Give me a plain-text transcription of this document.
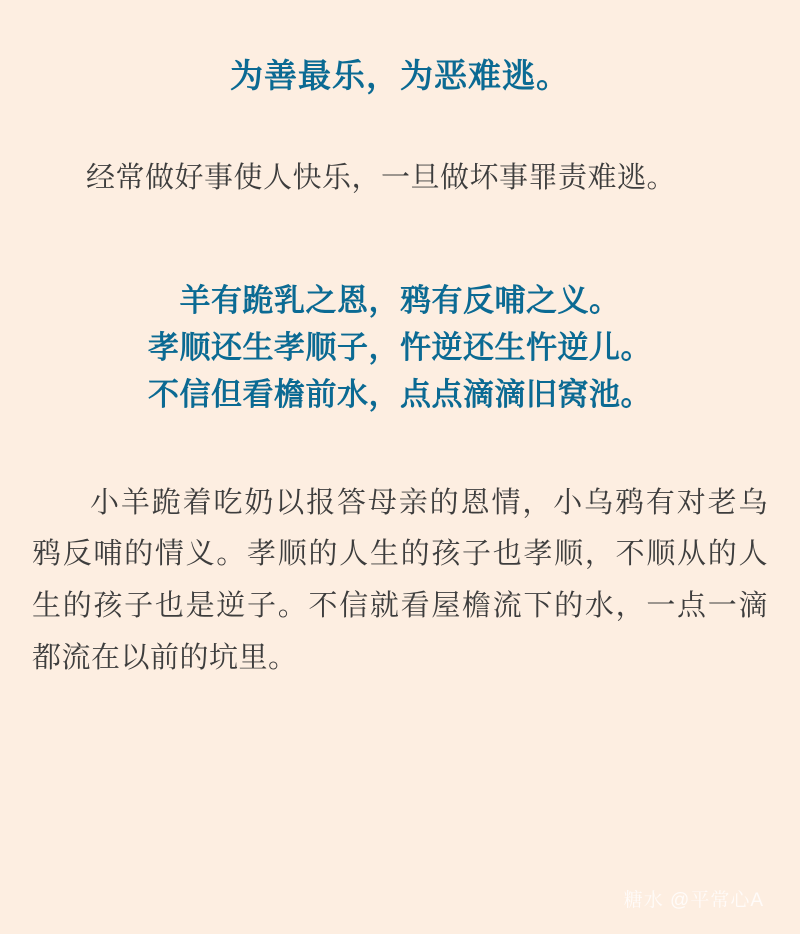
为善最乐，为恶难逃。

经常做好事使人快乐，一旦做坏事罪责难逃。

羊有跪乳之恩，鸦有反哺之义。
孝顺还生孝顺子，忤逆还生忤逆儿。
不信但看檐前水，点点滴滴旧窝池。

小羊跪着吃奶以报答母亲的恩情，小乌鸦有对老乌鸦反哺的情义。孝顺的人生的孩子也孝顺，不顺从的人生的孩子也是逆子。不信就看屋檐流下的水，一点一滴都流在以前的坑里。

糖水 @平常心A
